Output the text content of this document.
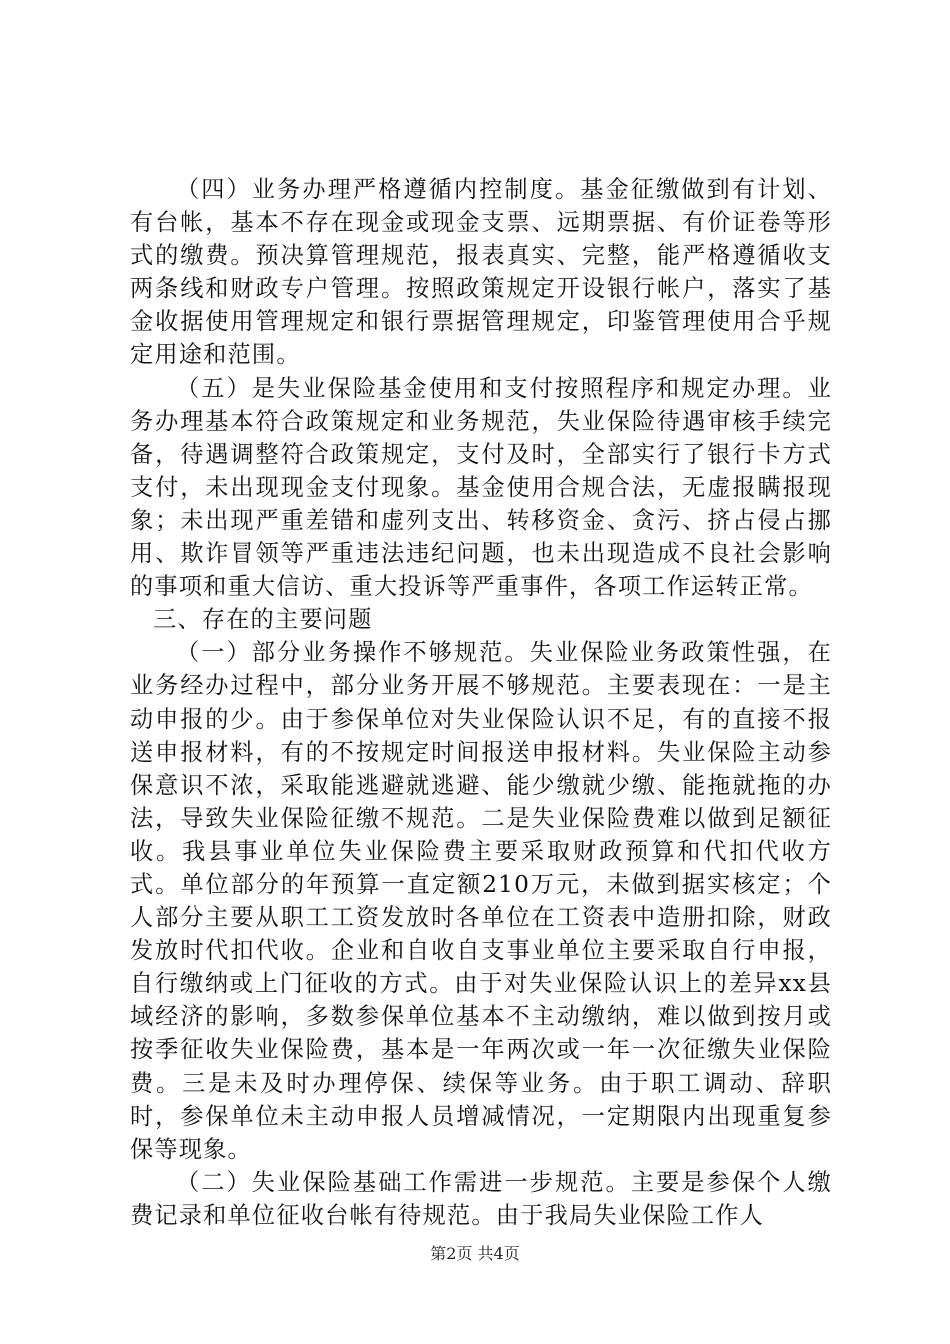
（四）业务办理严格遵循内控制度。基金征缴做到有计划、有台帐，基本不存在现金或现金支票、远期票据、有价证卷等形式的缴费。预决算管理规范，报表真实、完整，能严格遵循收支两条线和财政专户管理。按照政策规定开设银行帐户，落实了基金收据使用管理规定和银行票据管理规定，印鉴管理使用合乎规定用途和范围。

（五）是失业保险基金使用和支付按照程序和规定办理。业务办理基本符合政策规定和业务规范，失业保险待遇审核手续完备，待遇调整符合政策规定，支付及时，全部实行了银行卡方式支付，未出现现金支付现象。基金使用合规合法，无虚报瞒报现象；未出现严重差错和虚列支出、转移资金、贪污、挤占侵占挪用、欺诈冒领等严重违法违纪问题，也未出现造成不良社会影响的事项和重大信访、重大投诉等严重事件，各项工作运转正常。

三、存在的主要问题

（一）部分业务操作不够规范。失业保险业务政策性强，在业务经办过程中，部分业务开展不够规范。主要表现在：一是主动申报的少。由于参保单位对失业保险认识不足，有的直接不报送申报材料，有的不按规定时间报送申报材料。失业保险主动参保意识不浓，采取能逃避就逃避、能少缴就少缴、能拖就拖的办法，导致失业保险征缴不规范。二是失业保险费难以做到足额征收。我县事业单位失业保险费主要采取财政预算和代扣代收方式。单位部分的年预算一直定额210万元，未做到据实核定；个人部分主要从职工工资发放时各单位在工资表中造册扣除，财政发放时代扣代收。企业和自收自支事业单位主要采取自行申报，自行缴纳或上门征收的方式。由于对失业保险认识上的差异xx县域经济的影响，多数参保单位基本不主动缴纳，难以做到按月或按季征收失业保险费，基本是一年两次或一年一次征缴失业保险费。三是未及时办理停保、续保等业务。由于职工调动、辞职时，参保单位未主动申报人员增减情况，一定期限内出现重复参保等现象。

（二）失业保险基础工作需进一步规范。主要是参保个人缴费记录和单位征收台帐有待规范。由于我局失业保险工作人

第2页 共4页
